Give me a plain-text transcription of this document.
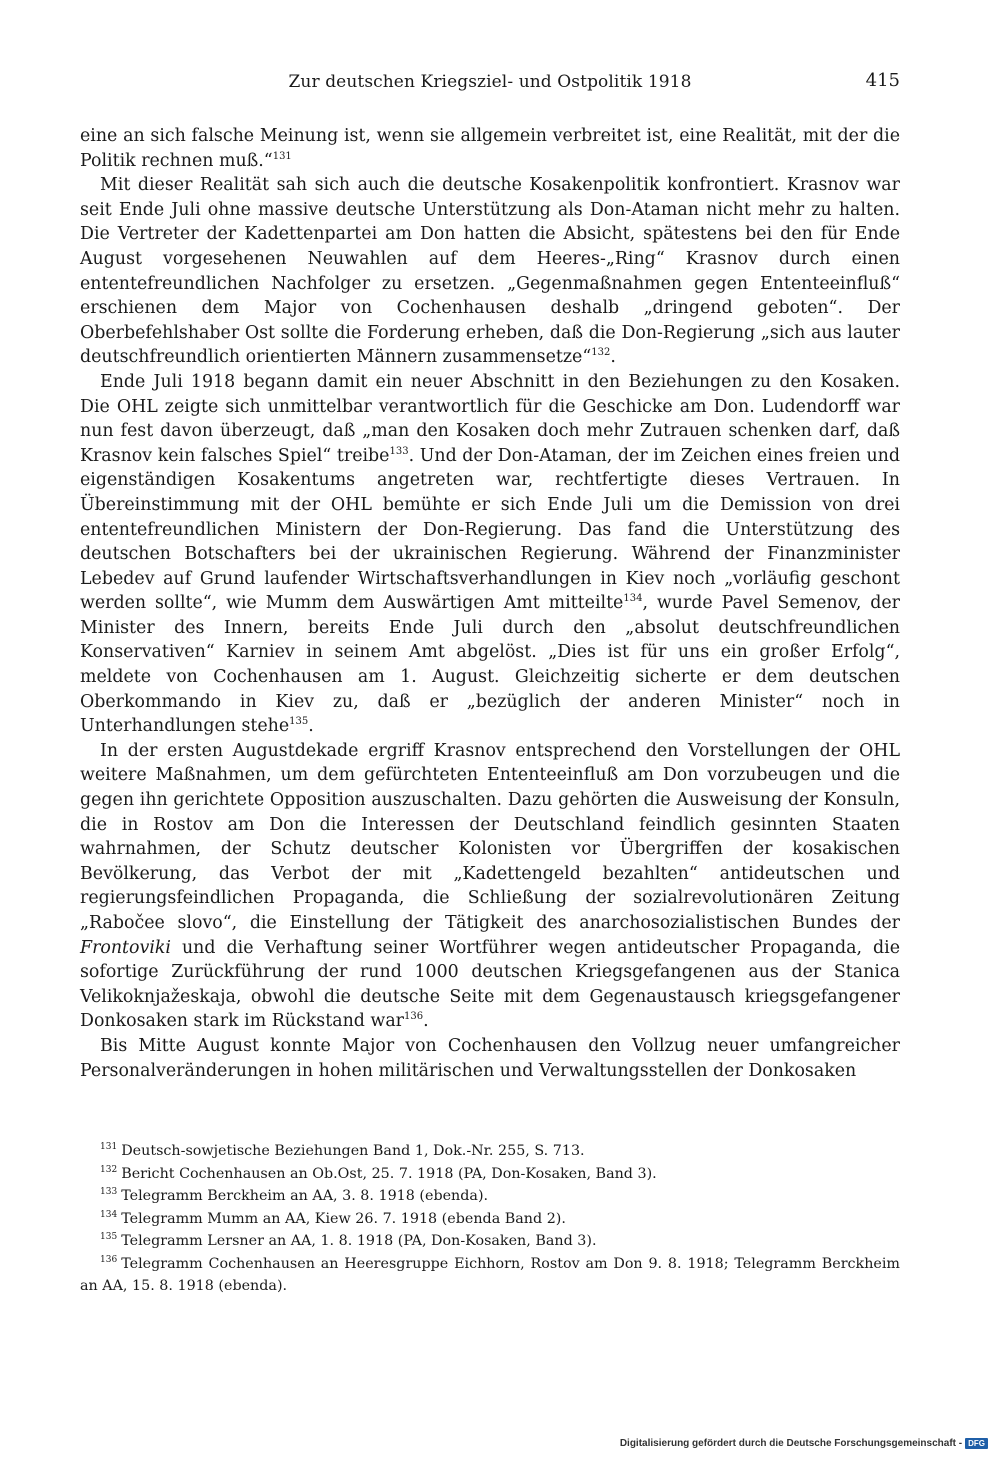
Zur deutschen Kriegsziel- und Ostpolitik 1918	415

eine an sich falsche Meinung ist, wenn sie allgemein verbreitet ist, eine Realität, mit der die Politik rechnen muß.“$^{131}$

Mit dieser Realität sah sich auch die deutsche Kosakenpolitik konfrontiert. Krasnov war seit Ende Juli ohne massive deutsche Unterstützung als Don-Ataman nicht mehr zu halten. Die Vertreter der Kadettenpartei am Don hatten die Absicht, spätestens bei den für Ende August vorgesehenen Neuwahlen auf dem Heeres-„Ring“ Krasnov durch einen ententefreundlichen Nachfolger zu ersetzen. „Gegenmaßnahmen gegen Ententeeinfluß“ erschienen dem Major von Cochenhausen deshalb „dringend geboten“. Der Oberbefehlshaber Ost sollte die Forderung erheben, daß die Don-Regierung „sich aus lauter deutschfreundlich orientierten Männern zusammensetze“$^{132}$.

Ende Juli 1918 begann damit ein neuer Abschnitt in den Beziehungen zu den Kosaken. Die OHL zeigte sich unmittelbar verantwortlich für die Geschicke am Don. Ludendorff war nun fest davon überzeugt, daß „man den Kosaken doch mehr Zutrauen schenken darf, daß Krasnov kein falsches Spiel“ treibe$^{133}$. Und der Don-Ataman, der im Zeichen eines freien und eigenständigen Kosakentums angetreten war, rechtfertigte dieses Vertrauen. In Übereinstimmung mit der OHL bemühte er sich Ende Juli um die Demission von drei ententefreundlichen Ministern der Don-Regierung. Das fand die Unterstützung des deutschen Botschafters bei der ukrainischen Regierung. Während der Finanzminister Lebedev auf Grund laufender Wirtschaftsverhandlungen in Kiev noch „vorläufig geschont werden sollte“, wie Mumm dem Auswärtigen Amt mitteilte$^{134}$, wurde Pavel Semenov, der Minister des Innern, bereits Ende Juli durch den „absolut deutschfreundlichen Konservativen“ Karniev in seinem Amt abgelöst. „Dies ist für uns ein großer Erfolg“, meldete von Cochenhausen am 1. August. Gleichzeitig sicherte er dem deutschen Oberkommando in Kiev zu, daß er „bezüglich der anderen Minister“ noch in Unterhandlungen stehe$^{135}$.

In der ersten Augustdekade ergriff Krasnov entsprechend den Vorstellungen der OHL weitere Maßnahmen, um dem gefürchteten Ententeeinfluß am Don vorzubeugen und die gegen ihn gerichtete Opposition auszuschalten. Dazu gehörten die Ausweisung der Konsuln, die in Rostov am Don die Interessen der Deutschland feindlich gesinnten Staaten wahrnahmen, der Schutz deutscher Kolonisten vor Übergriffen der kosakischen Bevölkerung, das Verbot der mit „Kadettengeld bezahlten“ antideutschen und regierungsfeindlichen Propaganda, die Schließung der sozialrevolutionären Zeitung „Rabočee slovo“, die Einstellung der Tätigkeit des anarchosozialistischen Bundes der Frontoviki und die Verhaftung seiner Wortführer wegen antideutscher Propaganda, die sofortige Zurückführung der rund 1000 deutschen Kriegsgefangenen aus der Stanica Velikoknjažeskaja, obwohl die deutsche Seite mit dem Gegenaustausch kriegsgefangener Donkosaken stark im Rückstand war$^{136}$.

Bis Mitte August konnte Major von Cochenhausen den Vollzug neuer umfangreicher Personalveränderungen in hohen militärischen und Verwaltungsstellen der Donkosaken

$^{131}$ Deutsch-sowjetische Beziehungen Band 1, Dok.-Nr. 255, S. 713.

$^{132}$ Bericht Cochenhausen an Ob.Ost, 25. 7. 1918 (PA, Don-Kosaken, Band 3).

$^{133}$ Telegramm Berckheim an AA, 3. 8. 1918 (ebenda).

$^{134}$ Telegramm Mumm an AA, Kiew 26. 7. 1918 (ebenda Band 2).

$^{135}$ Telegramm Lersner an AA, 1. 8. 1918 (PA, Don-Kosaken, Band 3).

$^{136}$ Telegramm Cochenhausen an Heeresgruppe Eichhorn, Rostov am Don 9. 8. 1918; Telegramm Berckheim an AA, 15. 8. 1918 (ebenda).

Digitalisierung gefördert durch die Deutsche Forschungsgemeinschaft - DFG
